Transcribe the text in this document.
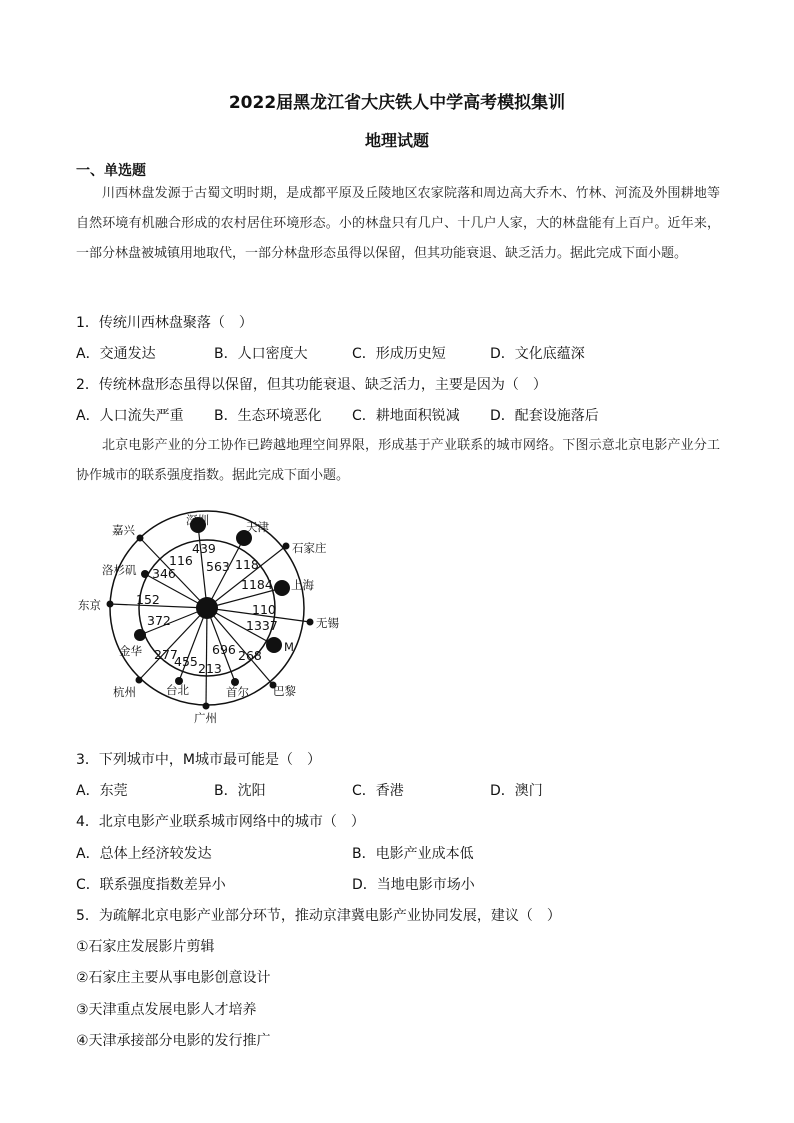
2022届黑龙江省大庆铁人中学高考模拟集训
地理试题
一、单选题
川西林盘发源于古蜀文明时期，是成都平原及丘陵地区农家院落和周边高大乔木、竹林、河流及外围耕地等自然环境有机融合形成的农村居住环境形态。小的林盘只有几户、十几户人家，大的林盘能有上百户。近年来，一部分林盘被城镇用地取代，一部分林盘形态虽得以保留，但其功能衰退、缺乏活力。据此完成下面小题。
1．传统川西林盘聚落（　）
A．交通发达	B．人口密度大	C．形成历史短	D．文化底蕴深
2．传统林盘形态虽得以保留，但其功能衰退、缺乏活力，主要是因为（　）
A．人口流失严重 B．生态环境恶化 C．耕地面积锐减 D．配套设施落后
北京电影产业的分工协作已跨越地理空间界限，形成基于产业联系的城市网络。下图示意北京电影产业分工协作城市的联系强度指数。据此完成下面小题。
嘉兴
深圳	天津
石家庄
洛杉矶
上海
东京
无锡
金华	M
杭州	台北
广州
首尔 巴黎
116
439
563 118
346
1184
152
110
372	1337
277
455 213
696 268
3．下列城市中，M城市最可能是（　）
A．东莞	B．沈阳	C．香港	D．澳门
4．北京电影产业联系城市网络中的城市（　）
A．总体上经济较发达	B．电影产业成本低
C．联系强度指数差异小	D．当地电影市场小
5．为疏解北京电影产业部分环节，推动京津冀电影产业协同发展，建议（　）
①石家庄发展影片剪辑
②石家庄主要从事电影创意设计
③天津重点发展电影人才培养
④天津承接部分电影的发行推广
